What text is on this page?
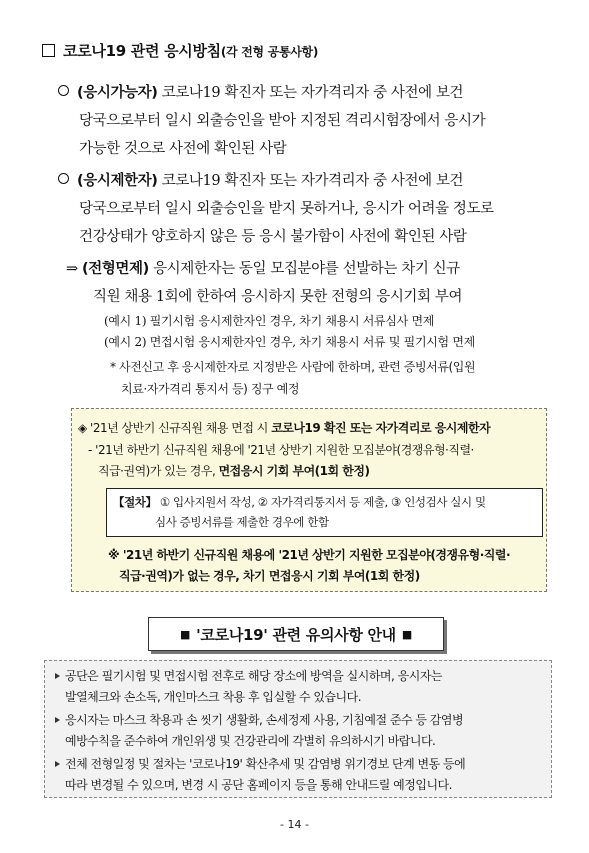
코로나19 관련 응시방침(각 전형 공통사항)
(응시가능자) 코로나19 확진자 또는 자가격리자 중 사전에 보건
당국으로부터 일시 외출승인을 받아 지정된 격리시험장에서 응시가
가능한 것으로 사전에 확인된 사람
(응시제한자) 코로나19 확진자 또는 자가격리자 중 사전에 보건
당국으로부터 일시 외출승인을 받지 못하거나, 응시가 어려울 정도로
건강상태가 양호하지 않은 등 응시 불가함이 사전에 확인된 사람
⇒ (전형면제) 응시제한자는 동일 모집분야를 선발하는 차기 신규
직원 채용 1회에 한하여 응시하지 못한 전형의 응시기회 부여
(예시 1) 필기시험 응시제한자인 경우, 차기 채용시 서류심사 면제
(예시 2) 면접시험 응시제한자인 경우, 차기 채용시 서류 및 필기시험 면제
* 사전신고 후 응시제한자로 지정받은 사람에 한하며, 관련 증빙서류(입원
치료·자가격리 통지서 등) 징구 예정
◈ '21년 상반기 신규직원 채용 면접 시 코로나19 확진 또는 자가격리로 응시제한자
- '21년 하반기 신규직원 채용에 '21년 상반기 지원한 모집분야(경쟁유형·직렬·
직급·권역)가 있는 경우, 면접응시 기회 부여(1회 한정)
【절차】 ① 입사지원서 작성, ② 자가격리통지서 등 제출, ③ 인성검사 실시 및
심사 증빙서류를 제출한 경우에 한함
※ '21년 하반기 신규직원 채용에 '21년 상반기 지원한 모집분야(경쟁유형·직렬·
직급·권역)가 없는 경우, 차기 면접응시 기회 부여(1회 한정)
■ '코로나19' 관련 유의사항 안내 ■
공단은 필기시험 및 면접시험 전후로 해당 장소에 방역을 실시하며, 응시자는
발열체크와 손소독, 개인마스크 착용 후 입실할 수 있습니다.
응시자는 마스크 착용과 손 씻기 생활화, 손세정제 사용, 기침예절 준수 등 감염병
예방수칙을 준수하여 개인위생 및 건강관리에 각별히 유의하시기 바랍니다.
전체 전형일정 및 절차는 '코로나19' 확산추세 및 감염병 위기경보 단계 변동 등에
따라 변경될 수 있으며, 변경 시 공단 홈페이지 등을 통해 안내드릴 예정입니다.
- 14 -
